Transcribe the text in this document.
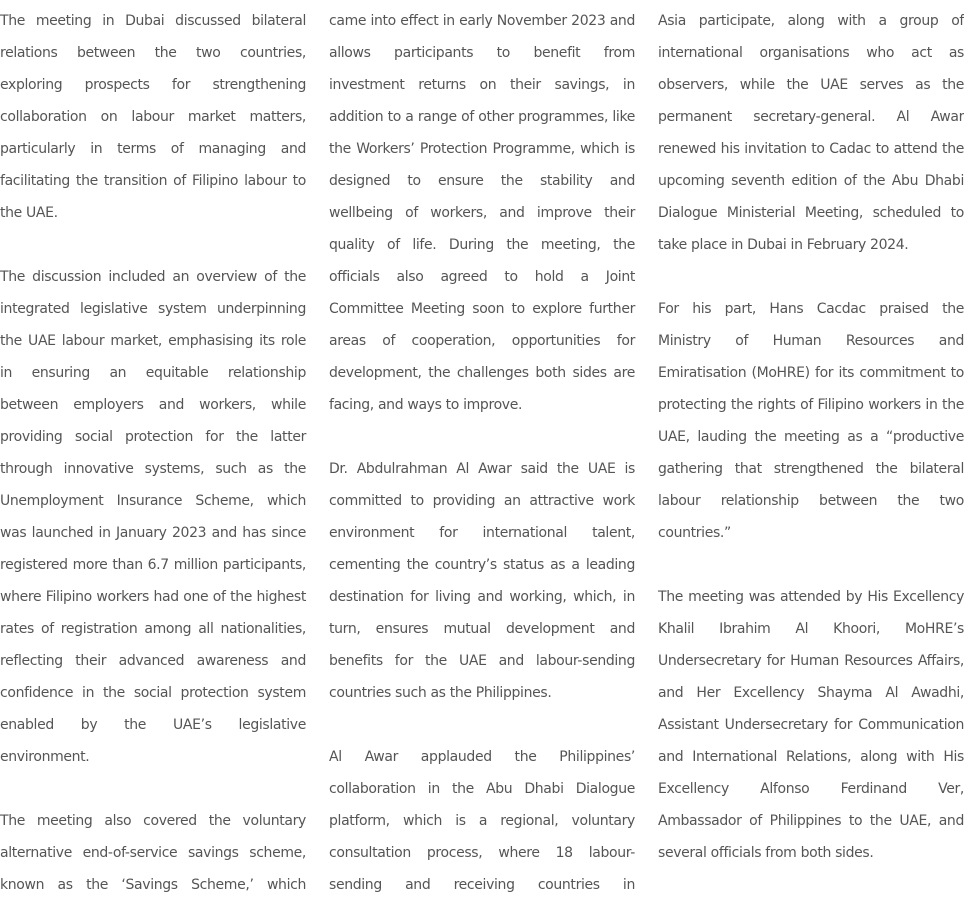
The meeting in Dubai discussed bilateral relations between the two countries, exploring prospects for strengthening collaboration on labour market matters, particularly in terms of managing and facilitating the transition of Filipino labour to the UAE.

The discussion included an overview of the integrated legislative system underpinning the UAE labour market, emphasising its role in ensuring an equitable relationship between employers and workers, while providing social protection for the latter through innovative systems, such as the Unemployment Insurance Scheme, which was launched in January 2023 and has since registered more than 6.7 million participants, where Filipino workers had one of the highest rates of registration among all nationalities, reflecting their advanced awareness and confidence in the social protection system enabled by the UAE’s legislative environment.

The meeting also covered the voluntary alternative end-of-service savings scheme, known as the ‘Savings Scheme,’ which

came into effect in early November 2023 and allows participants to benefit from investment returns on their savings, in addition to a range of other programmes, like the Workers’ Protection Programme, which is designed to ensure the stability and wellbeing of workers, and improve their quality of life. During the meeting, the officials also agreed to hold a Joint Committee Meeting soon to explore further areas of cooperation, opportunities for development, the challenges both sides are facing, and ways to improve.

Dr. Abdulrahman Al Awar said the UAE is committed to providing an attractive work environment for international talent, cementing the country’s status as a leading destination for living and working, which, in turn, ensures mutual development and benefits for the UAE and labour-sending countries such as the Philippines.

Al Awar applauded the Philippines’ collaboration in the Abu Dhabi Dialogue platform, which is a regional, voluntary consultation process, where 18 labour-sending and receiving countries in

Asia participate, along with a group of international organisations who act as observers, while the UAE serves as the permanent secretary-general. Al Awar renewed his invitation to Cadac to attend the upcoming seventh edition of the Abu Dhabi Dialogue Ministerial Meeting, scheduled to take place in Dubai in February 2024.

For his part, Hans Cacdac praised the Ministry of Human Resources and Emiratisation (MoHRE) for its commitment to protecting the rights of Filipino workers in the UAE, lauding the meeting as a “productive gathering that strengthened the bilateral labour relationship between the two countries.”

The meeting was attended by His Excellency Khalil Ibrahim Al Khoori, MoHRE’s Undersecretary for Human Resources Affairs, and Her Excellency Shayma Al Awadhi, Assistant Undersecretary for Communication and International Relations, along with His Excellency Alfonso Ferdinand Ver, Ambassador of Philippines to the UAE, and several officials from both sides.
